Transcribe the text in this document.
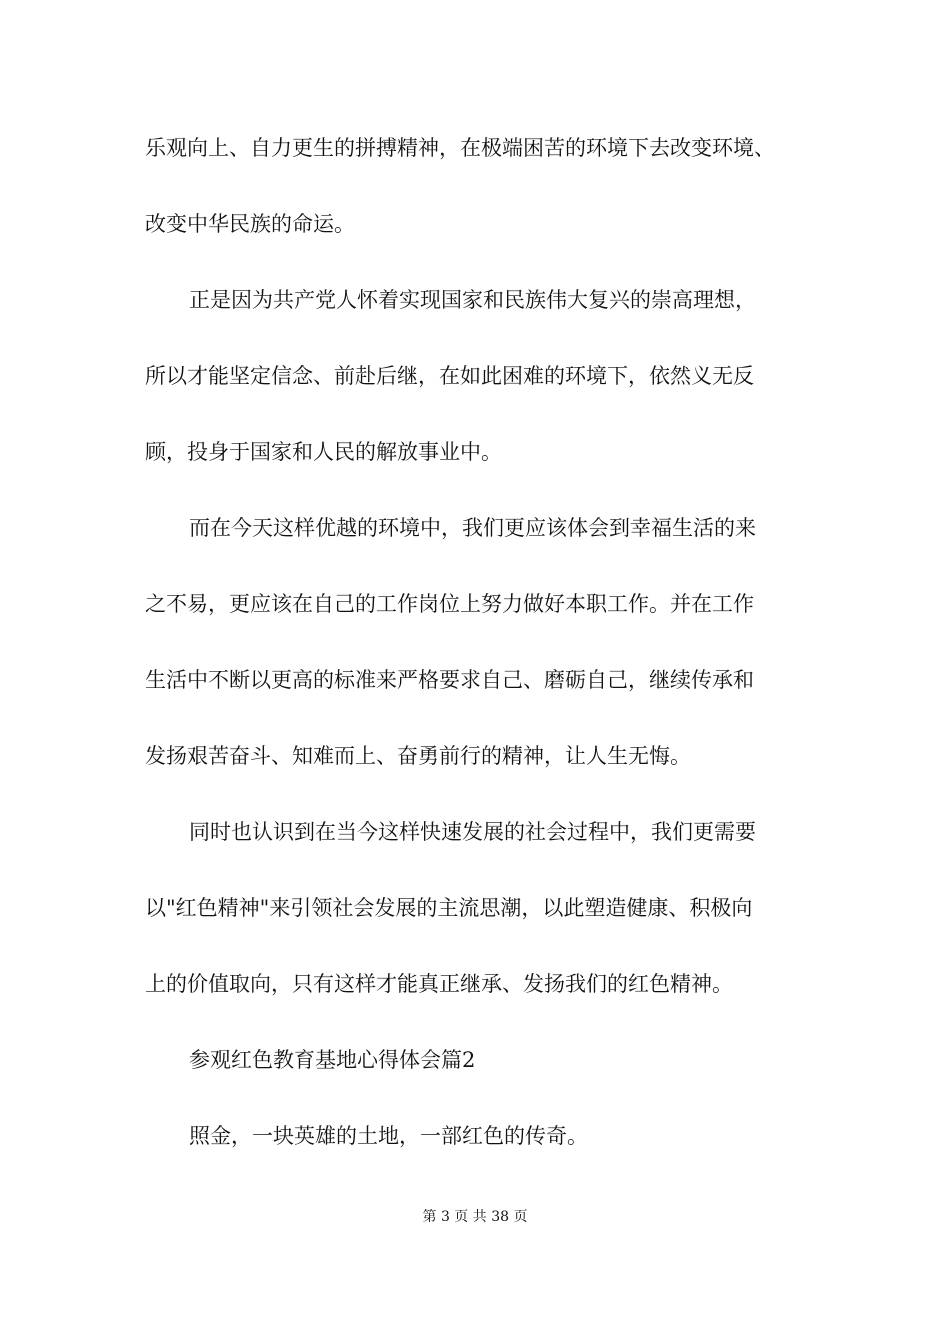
乐观向上、自力更生的拼搏精神，在极端困苦的环境下去改变环境、
改变中华民族的命运。
正是因为共产党人怀着实现国家和民族伟大复兴的崇高理想，
所以才能坚定信念、前赴后继，在如此困难的环境下，依然义无反
顾，投身于国家和人民的解放事业中。
而在今天这样优越的环境中，我们更应该体会到幸福生活的来
之不易，更应该在自己的工作岗位上努力做好本职工作。并在工作
生活中不断以更高的标准来严格要求自己、磨砺自己，继续传承和
发扬艰苦奋斗、知难而上、奋勇前行的精神，让人生无悔。
同时也认识到在当今这样快速发展的社会过程中，我们更需要
以"红色精神"来引领社会发展的主流思潮，以此塑造健康、积极向
上的价值取向，只有这样才能真正继承、发扬我们的红色精神。
参观红色教育基地心得体会篇2
照金，一块英雄的土地，一部红色的传奇。
第 3 页 共 38 页
